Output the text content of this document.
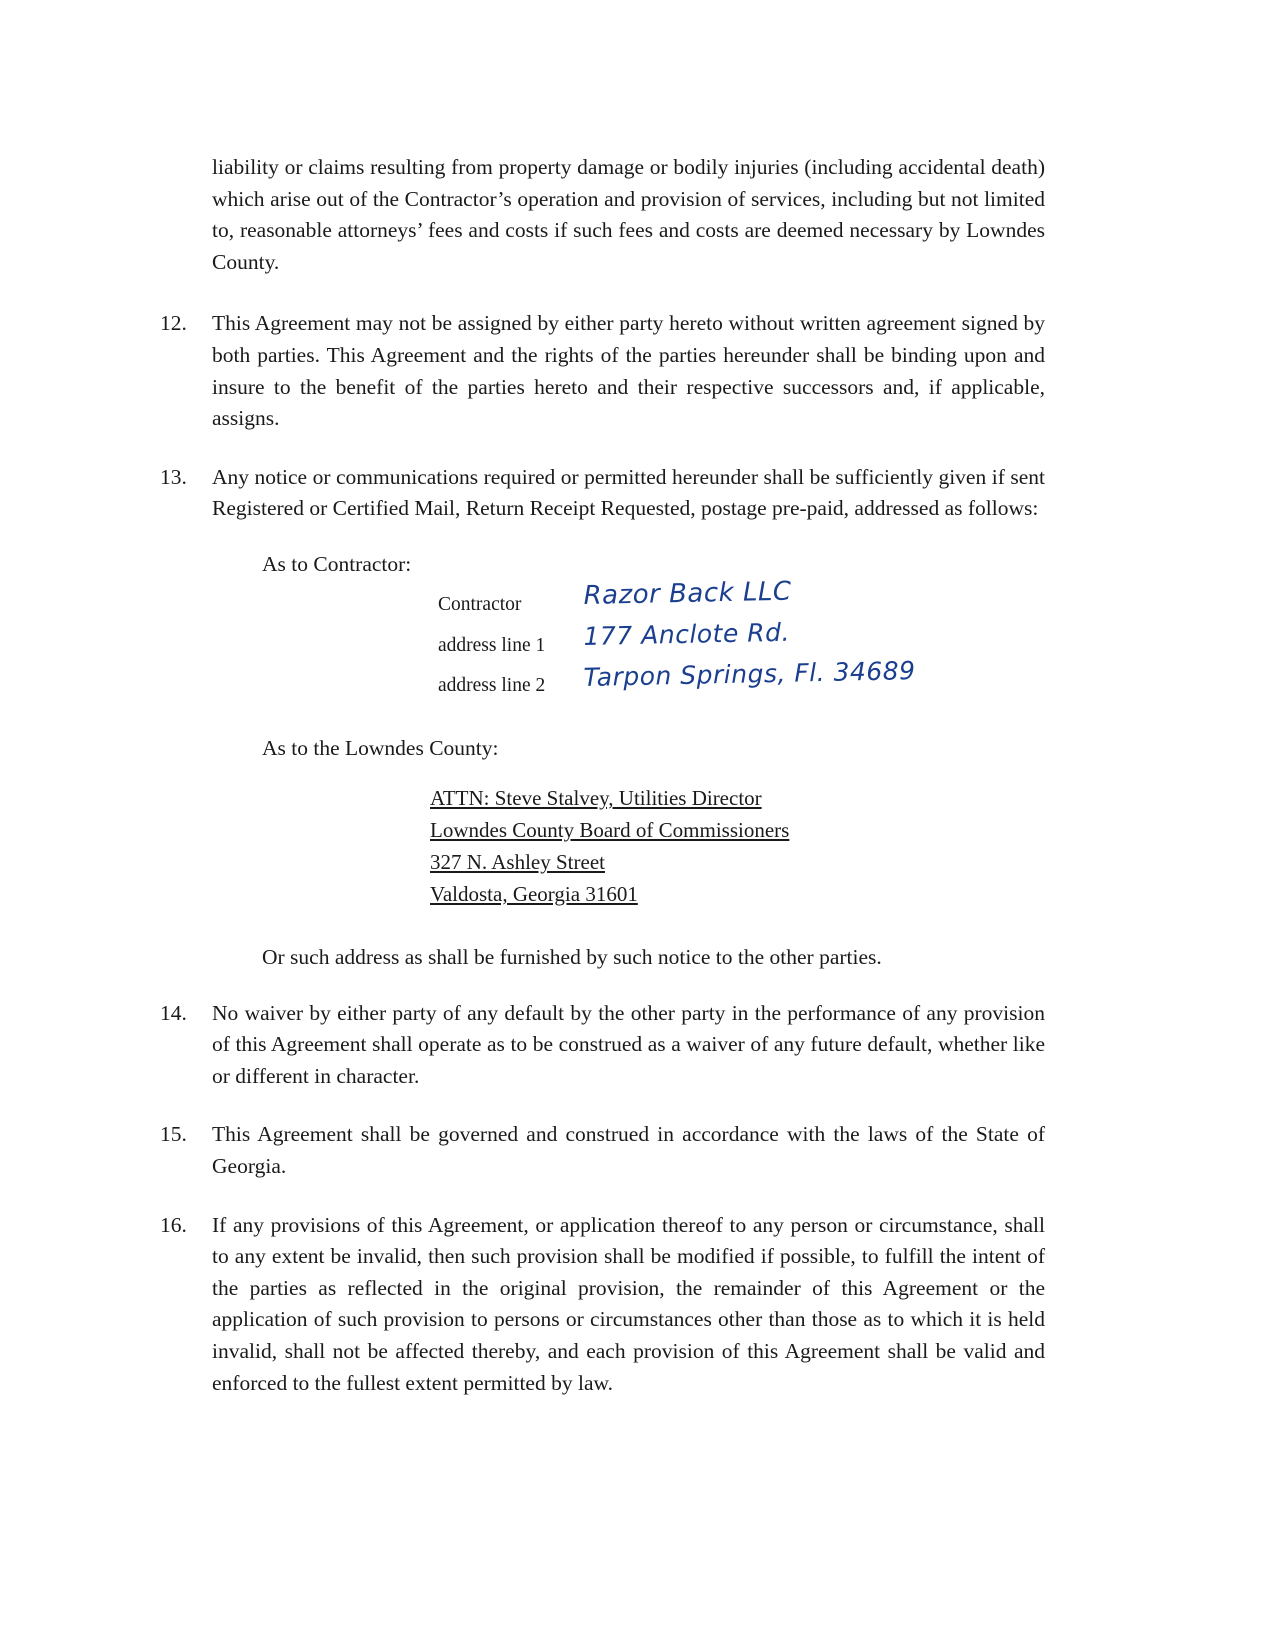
liability or claims resulting from property damage or bodily injuries (including accidental death) which arise out of the Contractor’s operation and provision of services, including but not limited to, reasonable attorneys’ fees and costs if such fees and costs are deemed necessary by Lowndes County.
12.	This Agreement may not be assigned by either party hereto without written agreement signed by both parties. This Agreement and the rights of the parties hereunder shall be binding upon and insure to the benefit of the parties hereto and their respective successors and, if applicable, assigns.
13.	Any notice or communications required or permitted hereunder shall be sufficiently given if sent Registered or Certified Mail, Return Receipt Requested, postage pre-paid, addressed as follows:
As to Contractor:
Contractor	Razor Back LLC
address line 1	177 Anclote Rd.
address line 2	Tarpon Springs, Fl. 34689
As to the Lowndes County:
ATTN: Steve Stalvey, Utilities Director
Lowndes County Board of Commissioners
327 N. Ashley Street
Valdosta, Georgia 31601
Or such address as shall be furnished by such notice to the other parties.
14.	No waiver by either party of any default by the other party in the performance of any provision of this Agreement shall operate as to be construed as a waiver of any future default, whether like or different in character.
15.	This Agreement shall be governed and construed in accordance with the laws of the State of Georgia.
16.	If any provisions of this Agreement, or application thereof to any person or circumstance, shall to any extent be invalid, then such provision shall be modified if possible, to fulfill the intent of the parties as reflected in the original provision, the remainder of this Agreement or the application of such provision to persons or circumstances other than those as to which it is held invalid, shall not be affected thereby, and each provision of this Agreement shall be valid and enforced to the fullest extent permitted by law.
